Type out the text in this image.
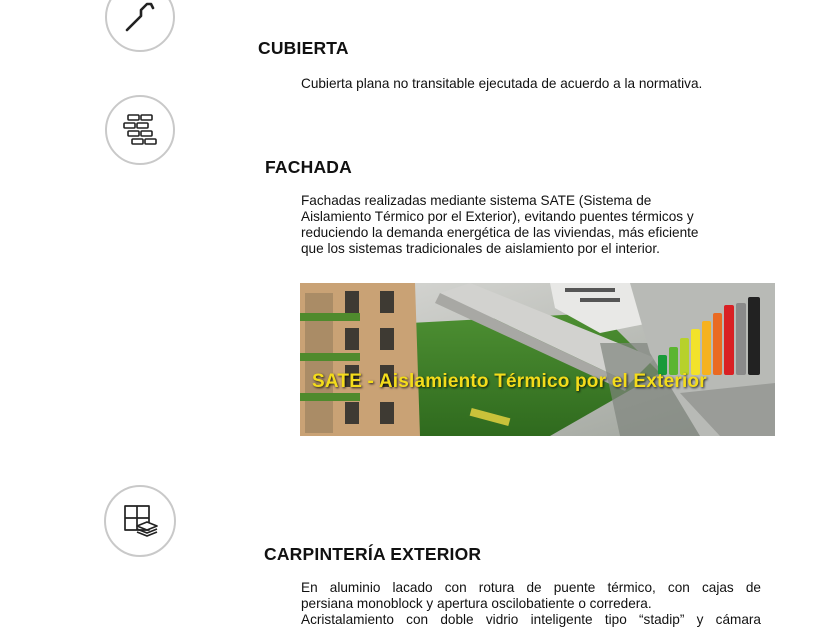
CUBIERTA
Cubierta plana no transitable ejecutada de acuerdo a la normativa.
FACHADA
Fachadas realizadas mediante sistema SATE (Sistema de
Aislamiento Térmico por el Exterior), evitando puentes térmicos y
reduciendo la demanda energética de las viviendas, más eficiente
que los sistemas tradicionales de aislamiento por el interior.
SATE - Aislamiento Térmico por el Exterior
CARPINTERÍA EXTERIOR
En aluminio lacado con rotura de puente térmico, con cajas de
persiana monoblock y apertura oscilobatiente o corredera.
Acristalamiento con doble vidrio inteligente tipo “stadip” y cámara
